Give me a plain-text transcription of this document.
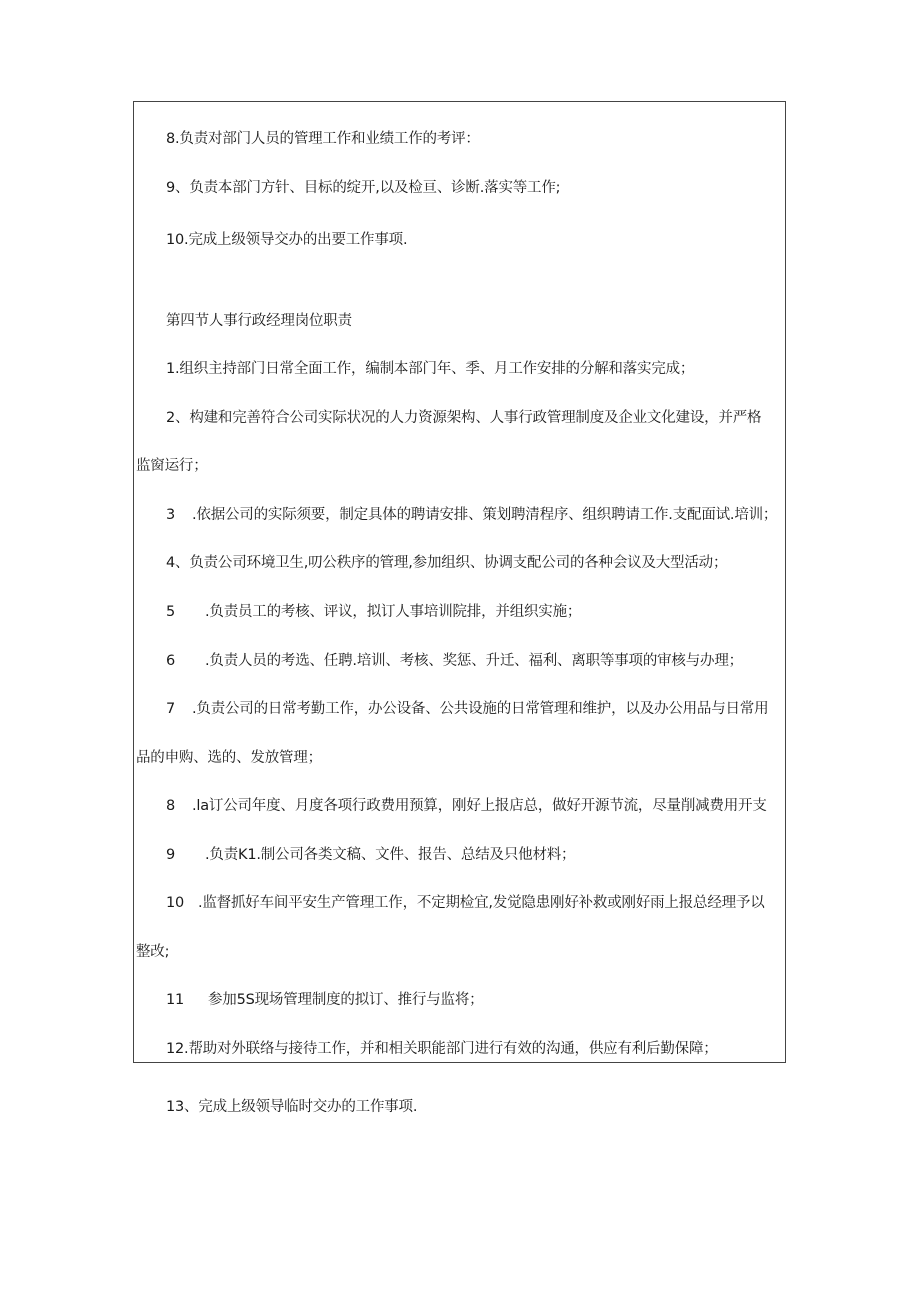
8.负责对部门人员的管理工作和业绩工作的考评：
9、负责本部门方针、目标的绽开,以及检亘、诊断.落实等工作;
10.完成上级领导交办的出要工作事项.
第四节人事行政经理岗位职责
1.组织主持部门日常全面工作，编制本部门年、季、月工作安排的分解和落实完成；
2、构建和完善符合公司实际状况的人力资源架构、人事行政管理制度及企业文化建设，并严格
监窗运行；
3 .依据公司的实际须要，制定具体的聘请安排、策划聘清程序、组织聘请工作.支配面试.培训；
4、负责公司环境卫生,叨公秩序的管理,参加组织、协调支配公司的各种会议及大型活动；
5 .负责员工的考核、评议，拟订人事培训院排，并组织实施；
6 .负责人员的考选、任聘.培训、考核、奖惩、升迁、福利、离职等事项的审核与办理；
7 .负责公司的日常考勤工作，办公设备、公共设施的日常管理和维护，以及办公用品与日常用
品的申购、选的、发放管理；
8 .la订公司年度、月度各项行政费用预算，刚好上报店总，做好开源节流，尽量削减费用开支
9 .负责K1.制公司各类文稿、文件、报告、总结及只他材料；
10 .监督抓好车间平安生产管理工作，不定期检宜,发觉隐患刚好补救或刚好雨上报总经理予以
整改;
11 参加5S现场管理制度的拟订、推行与监将；
12.帮助对外联络与接待工作，并和相关职能部门进行有效的沟通，供应有利后勤保障；
13、完成上级领导临时交办的工作事项.
